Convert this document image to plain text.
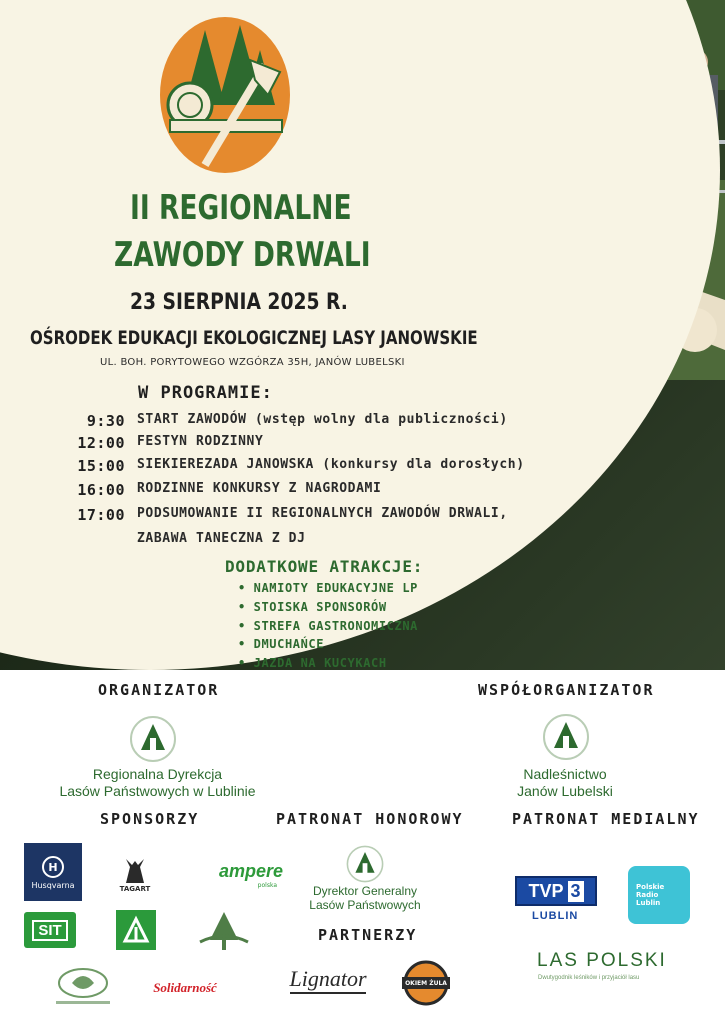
II REGIONALNE
ZAWODY DRWALI
23 SIERPNIA 2025 R.
OŚRODEK EDUKACJI EKOLOGICZNEJ LASY JANOWSKIE
UL. BOH. PORYTOWEGO WZGÓRZA 35H, JANÓW LUBELSKI
W PROGRAMIE:
9:30 START ZAWODÓW (wstęp wolny dla publiczności)
12:00 FESTYN RODZINNY
15:00 SIEKIEREZADA JANOWSKA (konkursy dla dorosłych)
16:00 RODZINNE KONKURSY Z NAGRODAMI
17:00 PODSUMOWANIE II REGIONALNYCH ZAWODÓW DRWALI,
ZABAWA TANECZNA Z DJ
DODATKOWE ATRAKCJE:
• NAMIOTY EDUKACYJNE LP
• STOISKA SPONSORÓW
• STREFA GASTRONOMICZNA
• DMUCHAŃCE
• JAZDA NA KUCYKACH
ORGANIZATOR	WSPÓŁORGANIZATOR
Regionalna Dyrekcja
Lasów Państwowych w Lublinie
Nadleśnictwo
Janów Lubelski
SPONSORZY	PATRONAT HONOROWY	PATRONAT MEDIALNY
H
Husqvarna	TAGART
ampere
polska
SIT
Solidarność
Dyrektor Generalny
Lasów Państwowych
PARTNERZY
Lignator	OKIEM ŻULA
TVP 3
LUBLIN
Polskie
Radio
Lublin
LAS POLSKI
Dwutygodnik leśników i przyjaciół lasu
